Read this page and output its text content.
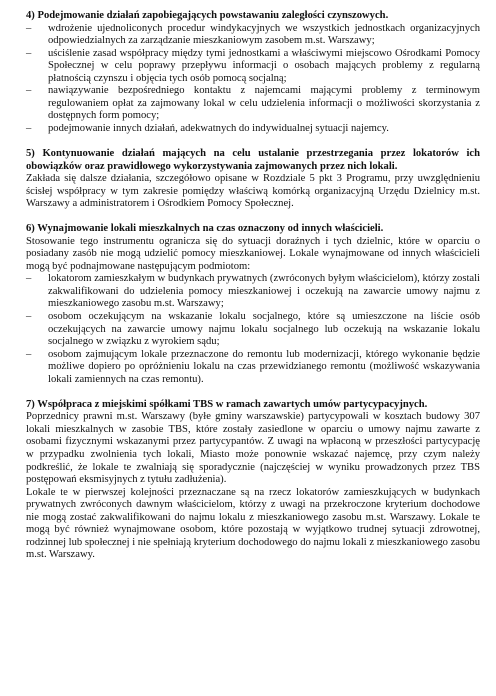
4) Podejmowanie działań zapobiegających powstawaniu zaległości czynszowych.
– wdrożenie ujednoliconych procedur windykacyjnych we wszystkich jednostkach organizacyjnych odpowiedzialnych za zarządzanie mieszkaniowym zasobem m.st. Warszawy;
– uściślenie zasad współpracy między tymi jednostkami a właściwymi miejscowo Ośrodkami Pomocy Społecznej w celu poprawy przepływu informacji o osobach mających problemy z regularną płatnością czynszu i objęcia tych osób pomocą socjalną;
– nawiązywanie bezpośredniego kontaktu z najemcami mającymi problemy z terminowym regulowaniem opłat za zajmowany lokal w celu udzielenia informacji o możliwości skorzystania z dostępnych form pomocy;
– podejmowanie innych działań, adekwatnych do indywidualnej sytuacji najemcy.
5) Kontynuowanie działań mających na celu ustalanie przestrzegania przez lokatorów ich obowiązków oraz prawidłowego wykorzystywania zajmowanych przez nich lokali.
Zakłada się dalsze działania, szczegółowo opisane w Rozdziale 5 pkt 3 Programu, przy uwzględnieniu ścisłej współpracy w tym zakresie pomiędzy właściwą komórką organizacyjną Urzędu Dzielnicy m.st. Warszawy a administratorem i Ośrodkiem Pomocy Społecznej.
6) Wynajmowanie lokali mieszkalnych na czas oznaczony od innych właścicieli.
Stosowanie tego instrumentu ogranicza się do sytuacji doraźnych i tych dzielnic, które w oparciu o posiadany zasób nie mogą udzielić pomocy mieszkaniowej. Lokale wynajmowane od innych właścicieli mogą być podnajmowane następującym podmiotom:
– lokatorom zamieszkałym w budynkach prywatnych (zwróconych byłym właścicielom), którzy zostali zakwalifikowani do udzielenia pomocy mieszkaniowej i oczekują na zawarcie umowy najmu z mieszkaniowego zasobu m.st. Warszawy;
– osobom oczekującym na wskazanie lokalu socjalnego, które są umieszczone na liście osób oczekujących na zawarcie umowy najmu lokalu socjalnego lub oczekują na wskazanie lokalu socjalnego w związku z wyrokiem sądu;
– osobom zajmującym lokale przeznaczone do remontu lub modernizacji, którego wykonanie będzie możliwe dopiero po opróżnieniu lokalu na czas przewidzianego remontu (możliwość wskazywania lokali zamiennych na czas remontu).
7) Współpraca z miejskimi spółkami TBS w ramach zawartych umów partycypacyjnych.
Poprzednicy prawni m.st. Warszawy (byłe gminy warszawskie) partycypowali w kosztach budowy 307 lokali mieszkalnych w zasobie TBS, które zostały zasiedlone w oparciu o umowy najmu zawarte z osobami fizycznymi wskazanymi przez partycypantów. Z uwagi na wpłaconą w przeszłości partycypację w przypadku zwolnienia tych lokali, Miasto może ponownie wskazać najemcę, przy czym należy podkreślić, że lokale te zwalniają się sporadycznie (najczęściej w wyniku prowadzonych przez TBS postępowań eksmisyjnych z tytułu zadłużenia).
Lokale te w pierwszej kolejności przeznaczane są na rzecz lokatorów zamieszkujących w budynkach prywatnych zwróconych dawnym właścicielom, którzy z uwagi na przekroczone kryterium dochodowe nie mogą zostać zakwalifikowani do najmu lokalu z mieszkaniowego zasobu m.st. Warszawy. Lokale te mogą być również wynajmowane osobom, które pozostają w wyjątkowo trudnej sytuacji zdrowotnej, rodzinnej lub społecznej i nie spełniają kryterium dochodowego do najmu lokali z mieszkaniowego zasobu m.st. Warszawy.
